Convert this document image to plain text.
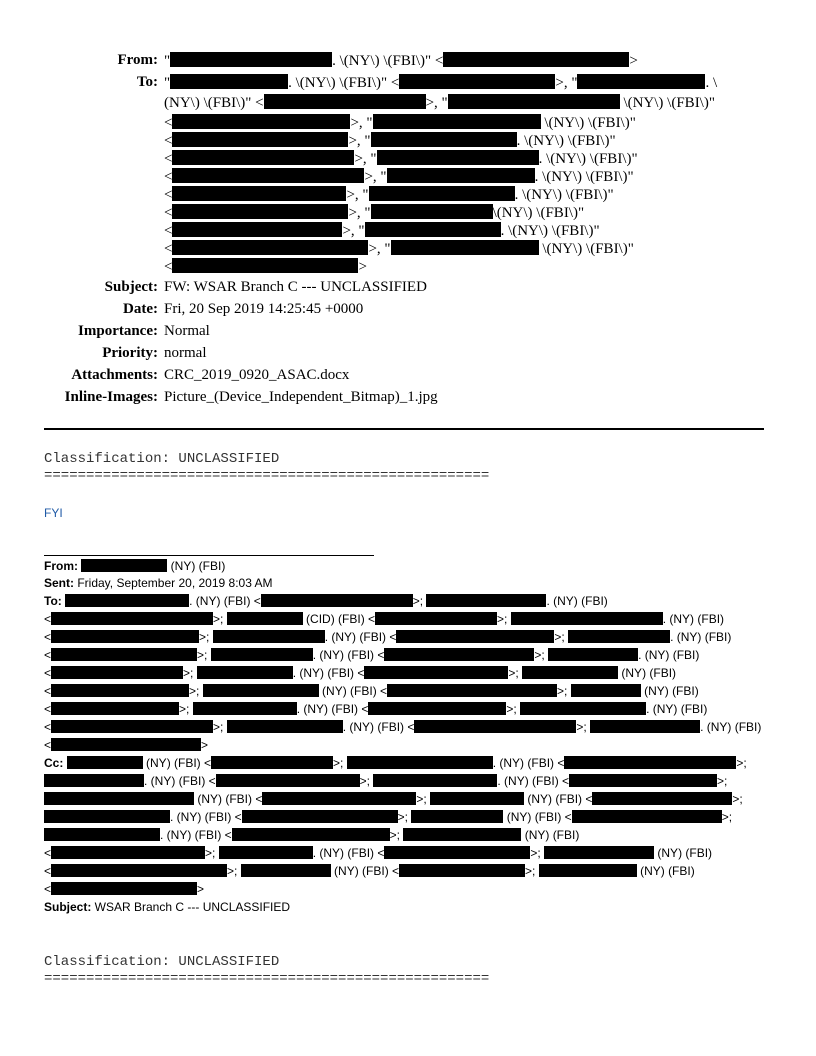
From: "	. \(NY\) \(FBI\)" <	>
To: "	. \(NY\) \(FBI\)" <	>, "	. \
(NY\) \(FBI\)" <	>, "	\(NY\) \(FBI\)"
<	>, "	\(NY\) \(FBI\)"
<	>, "	. \(NY\) \(FBI\)"
<	>, "	. \(NY\) \(FBI\)"
<	>, "	. \(NY\) \(FBI\)"
<	>, "	. \(NY\) \(FBI\)"
<	>, "	\(NY\) \(FBI\)"
<	>, "	. \(NY\) \(FBI\)"
<	>, "	\(NY\) \(FBI\)"
<	>
Subject: FW: WSAR Branch C --- UNCLASSIFIED
Date: Fri, 20 Sep 2019 14:25:45 +0000
Importance: Normal
Priority: normal
Attachments: CRC_2019_0920_ASAC.docx
Inline-Images: Picture_(Device_Independent_Bitmap)_1.jpg
Classification: UNCLASSIFIED
=====================================================
FYI
From:	(NY) (FBI)
Sent: Friday, September 20, 2019 8:03 AM
To:	. (NY) (FBI) <	>;	. (NY) (FBI)
<	>;	(CID) (FBI) <	>;	. (NY) (FBI)
<	>;	. (NY) (FBI) <	>;	. (NY) (FBI)
<	>;	. (NY) (FBI) <	>;	. (NY) (FBI)
<	>;	. (NY) (FBI) <	>;	(NY) (FBI)
<	>;	(NY) (FBI) <	>;	(NY) (FBI)
<	>;	. (NY) (FBI) <	>;	. (NY) (FBI)
<	>;	. (NY) (FBI) <	>;	. (NY) (FBI)
<	>
Cc:	(NY) (FBI) <	>;	. (NY) (FBI) <	>;
. (NY) (FBI) <	>;	. (NY) (FBI) <	>;
(NY) (FBI) <	>;	(NY) (FBI) <	>;
. (NY) (FBI) <	>;	(NY) (FBI) <	>;
. (NY) (FBI) <	>;	(NY) (FBI)
<	>;	. (NY) (FBI) <	>;	(NY) (FBI)
<	>;	(NY) (FBI) <	>;	(NY) (FBI)
<	>
Subject: WSAR Branch C --- UNCLASSIFIED
Classification: UNCLASSIFIED
=====================================================
